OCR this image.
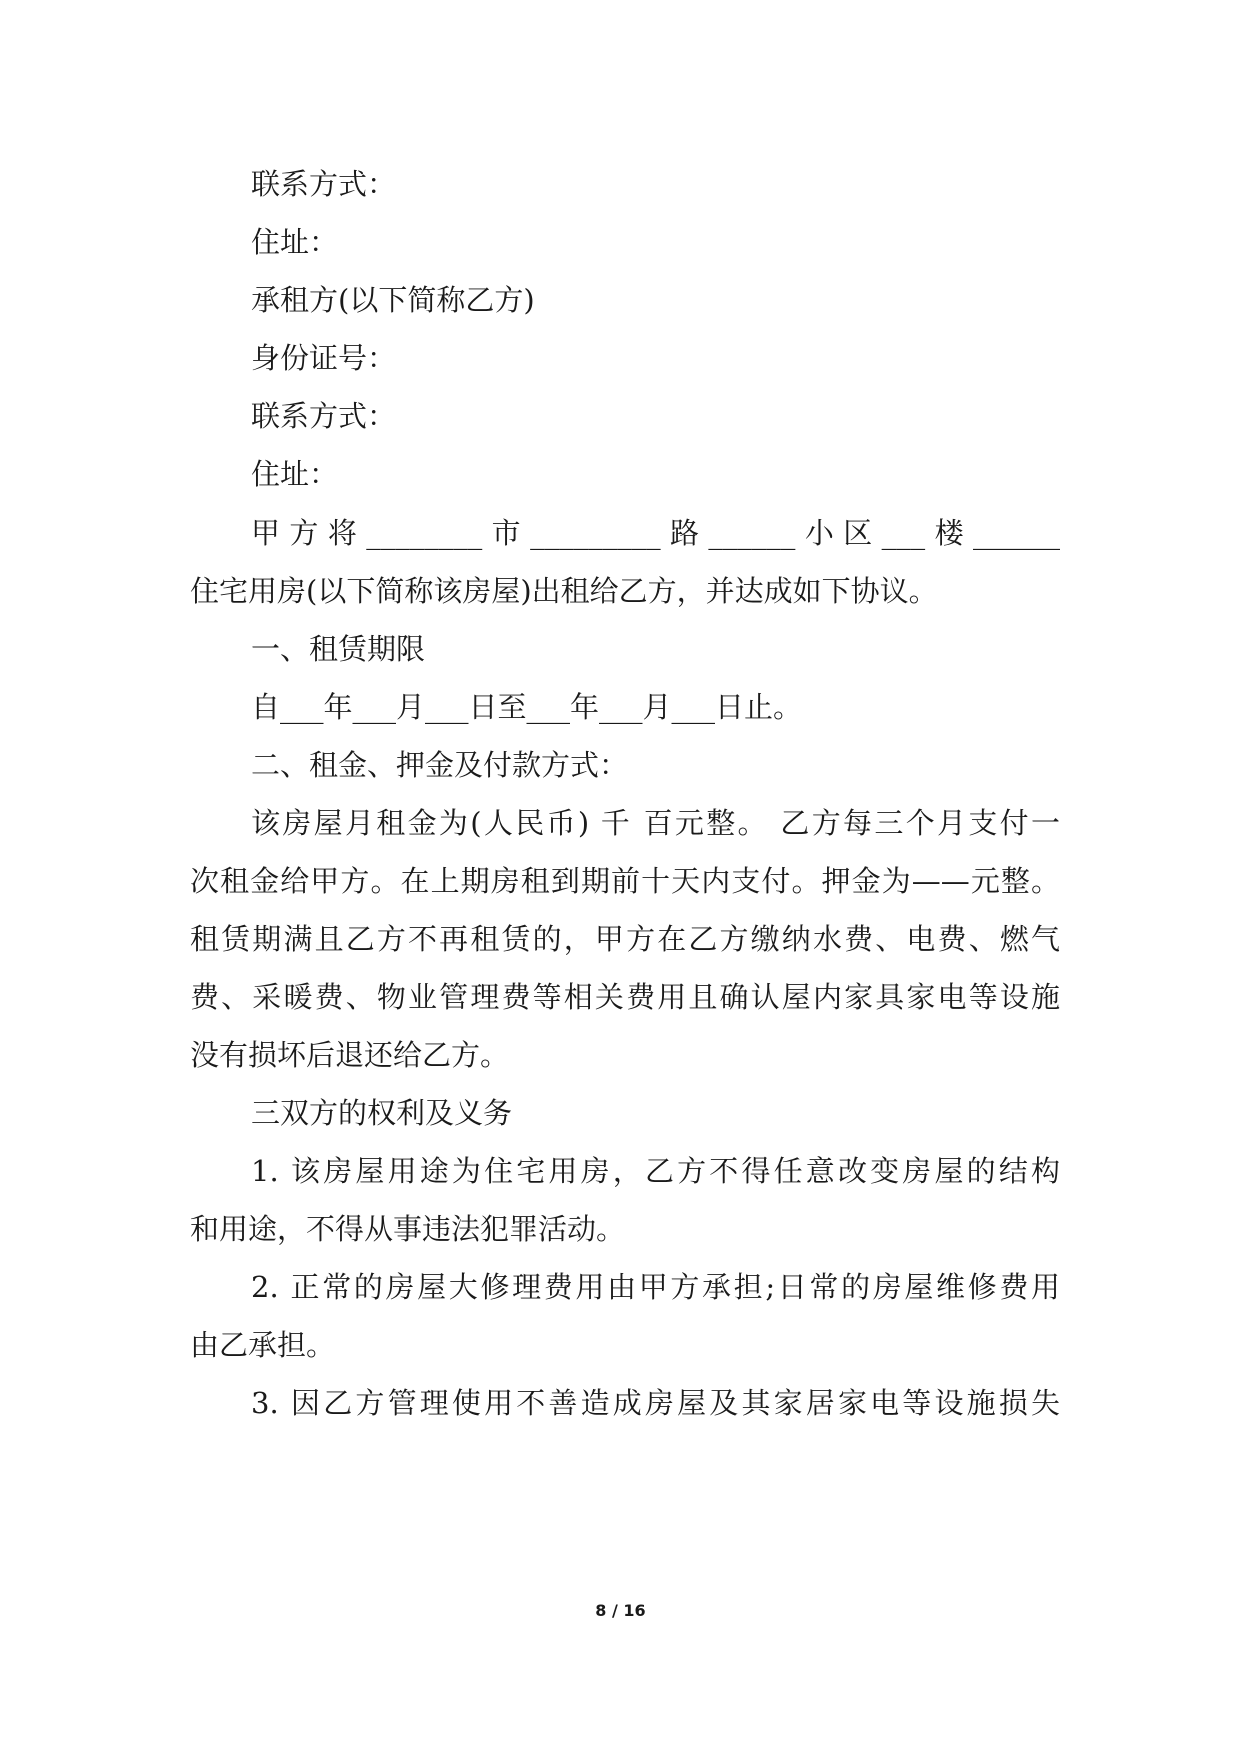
联系方式：
住址：
承租方(以下简称乙方)
身份证号：
联系方式：
住址：
甲方将________市_________路______小区___楼______
住宅用房(以下简称该房屋)出租给乙方，并达成如下协议。
一、租赁期限
自___年___月___日至___年___月___日止。
二、租金、押金及付款方式：
该房屋月租金为(人民币) 千 百元整。 乙方每三个月支付一
次租金给甲方。在上期房租到期前十天内支付。押金为——元整。
租赁期满且乙方不再租赁的，甲方在乙方缴纳水费、电费、燃气
费、采暖费、物业管理费等相关费用且确认屋内家具家电等设施
没有损坏后退还给乙方。
三双方的权利及义务
1. 该房屋用途为住宅用房，乙方不得任意改变房屋的结构
和用途，不得从事违法犯罪活动。
2. 正常的房屋大修理费用由甲方承担;日常的房屋维修费用
由乙承担。
3. 因乙方管理使用不善造成房屋及其家居家电等设施损失
8 / 16
